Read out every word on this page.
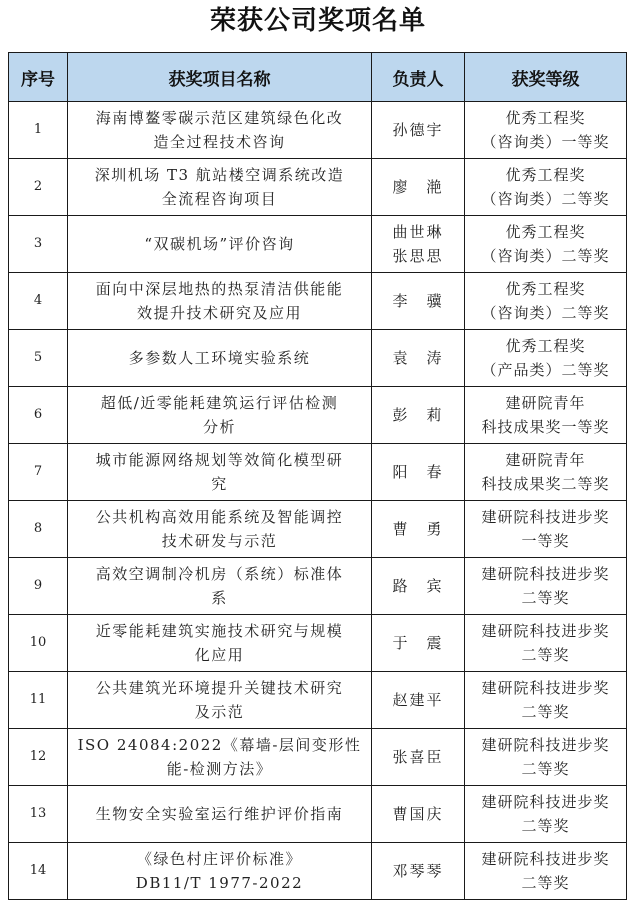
荣获公司奖项名单
序号	获奖项目名称	负责人	获奖等级
1	海南博鳌零碳示范区建筑绿色化改
造全过程技术咨询	孙德宇	优秀工程奖
（咨询类）一等奖

2	深圳机场 T3 航站楼空调系统改造
全流程咨询项目	廖　滟	优秀工程奖
（咨询类）二等奖

3	“双碳机场”评价咨询	曲世琳
张思思	优秀工程奖
（咨询类）二等奖

4	面向中深层地热的热泵清洁供能能
效提升技术研究及应用	李　骥	优秀工程奖
（咨询类）二等奖

5	多参数人工环境实验系统	袁　涛	优秀工程奖
（产品类）二等奖

6	超低/近零能耗建筑运行评估检测
分析	彭　莉	建研院青年
科技成果奖一等奖

7	城市能源网络规划等效简化模型研
究	阳　春	建研院青年
科技成果奖二等奖

8	公共机构高效用能系统及智能调控
技术研发与示范	曹　勇	建研院科技进步奖
一等奖

9	高效空调制冷机房（系统）标准体
系	路　宾	建研院科技进步奖
二等奖

10	近零能耗建筑实施技术研究与规模
化应用	于　震	建研院科技进步奖
二等奖

11	公共建筑光环境提升关键技术研究
及示范	赵建平	建研院科技进步奖
二等奖

12	ISO 24084:2022《幕墙-层间变形性
能-检测方法》	张喜臣	建研院科技进步奖
二等奖

13	生物安全实验室运行维护评价指南	曹国庆	建研院科技进步奖
二等奖

14	《绿色村庄评价标准》
DB11/T 1977-2022	邓琴琴	建研院科技进步奖
二等奖
